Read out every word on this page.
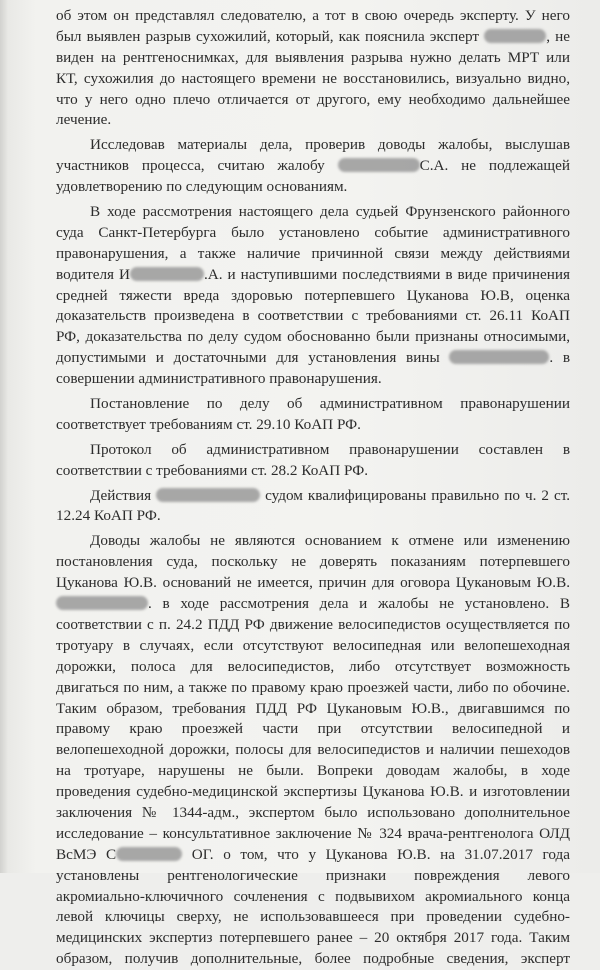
об этом он представлял следователю, а тот в свою очередь эксперту. У него
был выявлен разрыв сухожилий, который, как пояснила эксперт	, не
виден на рентгеноснимках, для выявления разрыва нужно делать МРТ или
КТ, сухожилия до настоящего времени не восстановились, визуально видно,
что у него одно плечо отличается от другого, ему необходимо дальнейшее
лечение.
Исследовав материалы дела, проверив доводы жалобы, выслушав
участников процесса, считаю жалобу	С.А. не подлежащей
удовлетворению по следующим основаниям.
В ходе рассмотрения настоящего дела судьей Фрунзенского районного
суда Санкт-Петербурга было установлено событие административного
правонарушения, а также наличие причинной связи между действиями
водителя И	.А. и наступившими последствиями в виде причинения
средней тяжести вреда здоровью потерпевшего Цуканова Ю.В, оценка
доказательств произведена в соответствии с требованиями ст. 26.11 КоАП
РФ, доказательства по делу судом обоснованно были признаны относимыми,
допустимыми и достаточными для установления вины	. в
совершении административного правонарушения.
Постановление по делу об административном правонарушении
соответствует требованиям ст. 29.10 КоАП РФ.
Протокол об административном правонарушении составлен в
соответствии с требованиями ст. 28.2 КоАП РФ.
Действия	судом квалифицированы правильно по ч. 2 ст.
12.24 КоАП РФ.
Доводы жалобы не являются основанием к отмене или изменению
постановления суда, поскольку не доверять показаниям потерпевшего
Цуканова Ю.В. оснований не имеется, причин для оговора Цукановым Ю.В.
. в ходе рассмотрения дела и жалобы не установлено. В
соответствии с п. 24.2 ПДД РФ движение велосипедистов осуществляется по
тротуару в случаях, если отсутствуют велосипедная или велопешеходная
дорожки, полоса для велосипедистов, либо отсутствует возможность
двигаться по ним, а также по правому краю проезжей части, либо по обочине.
Таким образом, требования ПДД РФ Цукановым Ю.В., двигавшимся по
правому краю проезжей части при отсутствии велосипедной и
велопешеходной дорожки, полосы для велосипедистов и наличии пешеходов
на тротуаре, нарушены не были. Вопреки доводам жалобы, в ходе
проведения судебно-медицинской экспертизы Цуканова Ю.В. и изготовлении
заключения № 1344-адм., экспертом было использовано дополнительное
исследование – консультативное заключение № 324 врача-рентгенолога ОЛД
ВсМЭ С	ОГ. о том, что у Цуканова Ю.В. на 31.07.2017 года
установлены рентгенологические признаки повреждения левого
акромиально-ключичного сочленения с подвывихом акромиального конца
левой ключицы сверху, не использовавшееся при проведении судебно-
медицинских экспертиз потерпевшего ранее – 20 октября 2017 года. Таким
образом, получив дополнительные, более подробные сведения, эксперт
